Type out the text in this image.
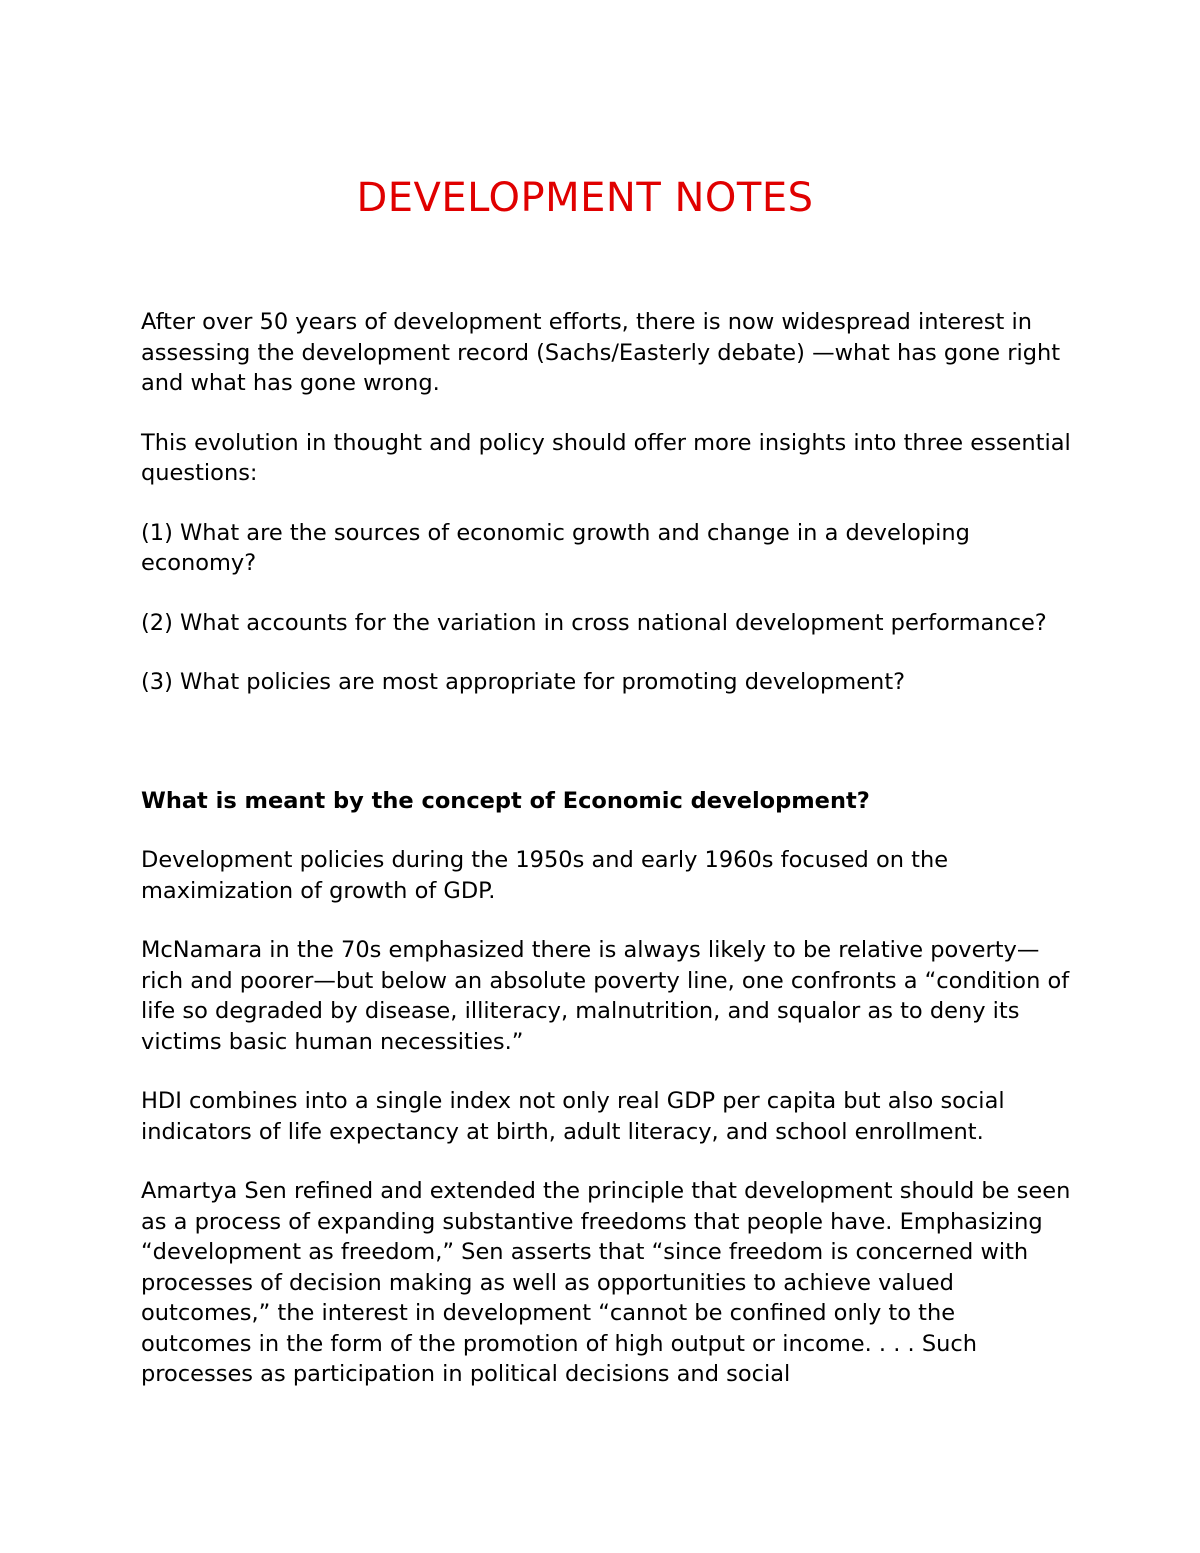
DEVELOPMENT NOTES

After over 50 years of development efforts, there is now widespread interest in assessing the development record (Sachs/Easterly debate) —what has gone right and what has gone wrong.

This evolution in thought and policy should offer more insights into three essential questions:

(1) What are the sources of economic growth and change in a developing economy?

(2) What accounts for the variation in cross national development performance?

(3) What policies are most appropriate for promoting development?

What is meant by the concept of Economic development?

Development policies during the 1950s and early 1960s focused on the maximization of growth of GDP.

McNamara in the 70s emphasized there is always likely to be relative poverty—rich and poorer—but below an absolute poverty line, one confronts a “condition of life so degraded by disease, illiteracy, malnutrition, and squalor as to deny its victims basic human necessities.”

HDI combines into a single index not only real GDP per capita but also social indicators of life expectancy at birth, adult literacy, and school enrollment.

Amartya Sen refined and extended the principle that development should be seen as a process of expanding substantive freedoms that people have. Emphasizing “development as freedom,” Sen asserts that “since freedom is concerned with processes of decision making as well as opportunities to achieve valued outcomes,” the interest in development “cannot be confined only to the outcomes in the form of the promotion of high output or income. . . . Such processes as participation in political decisions and social
